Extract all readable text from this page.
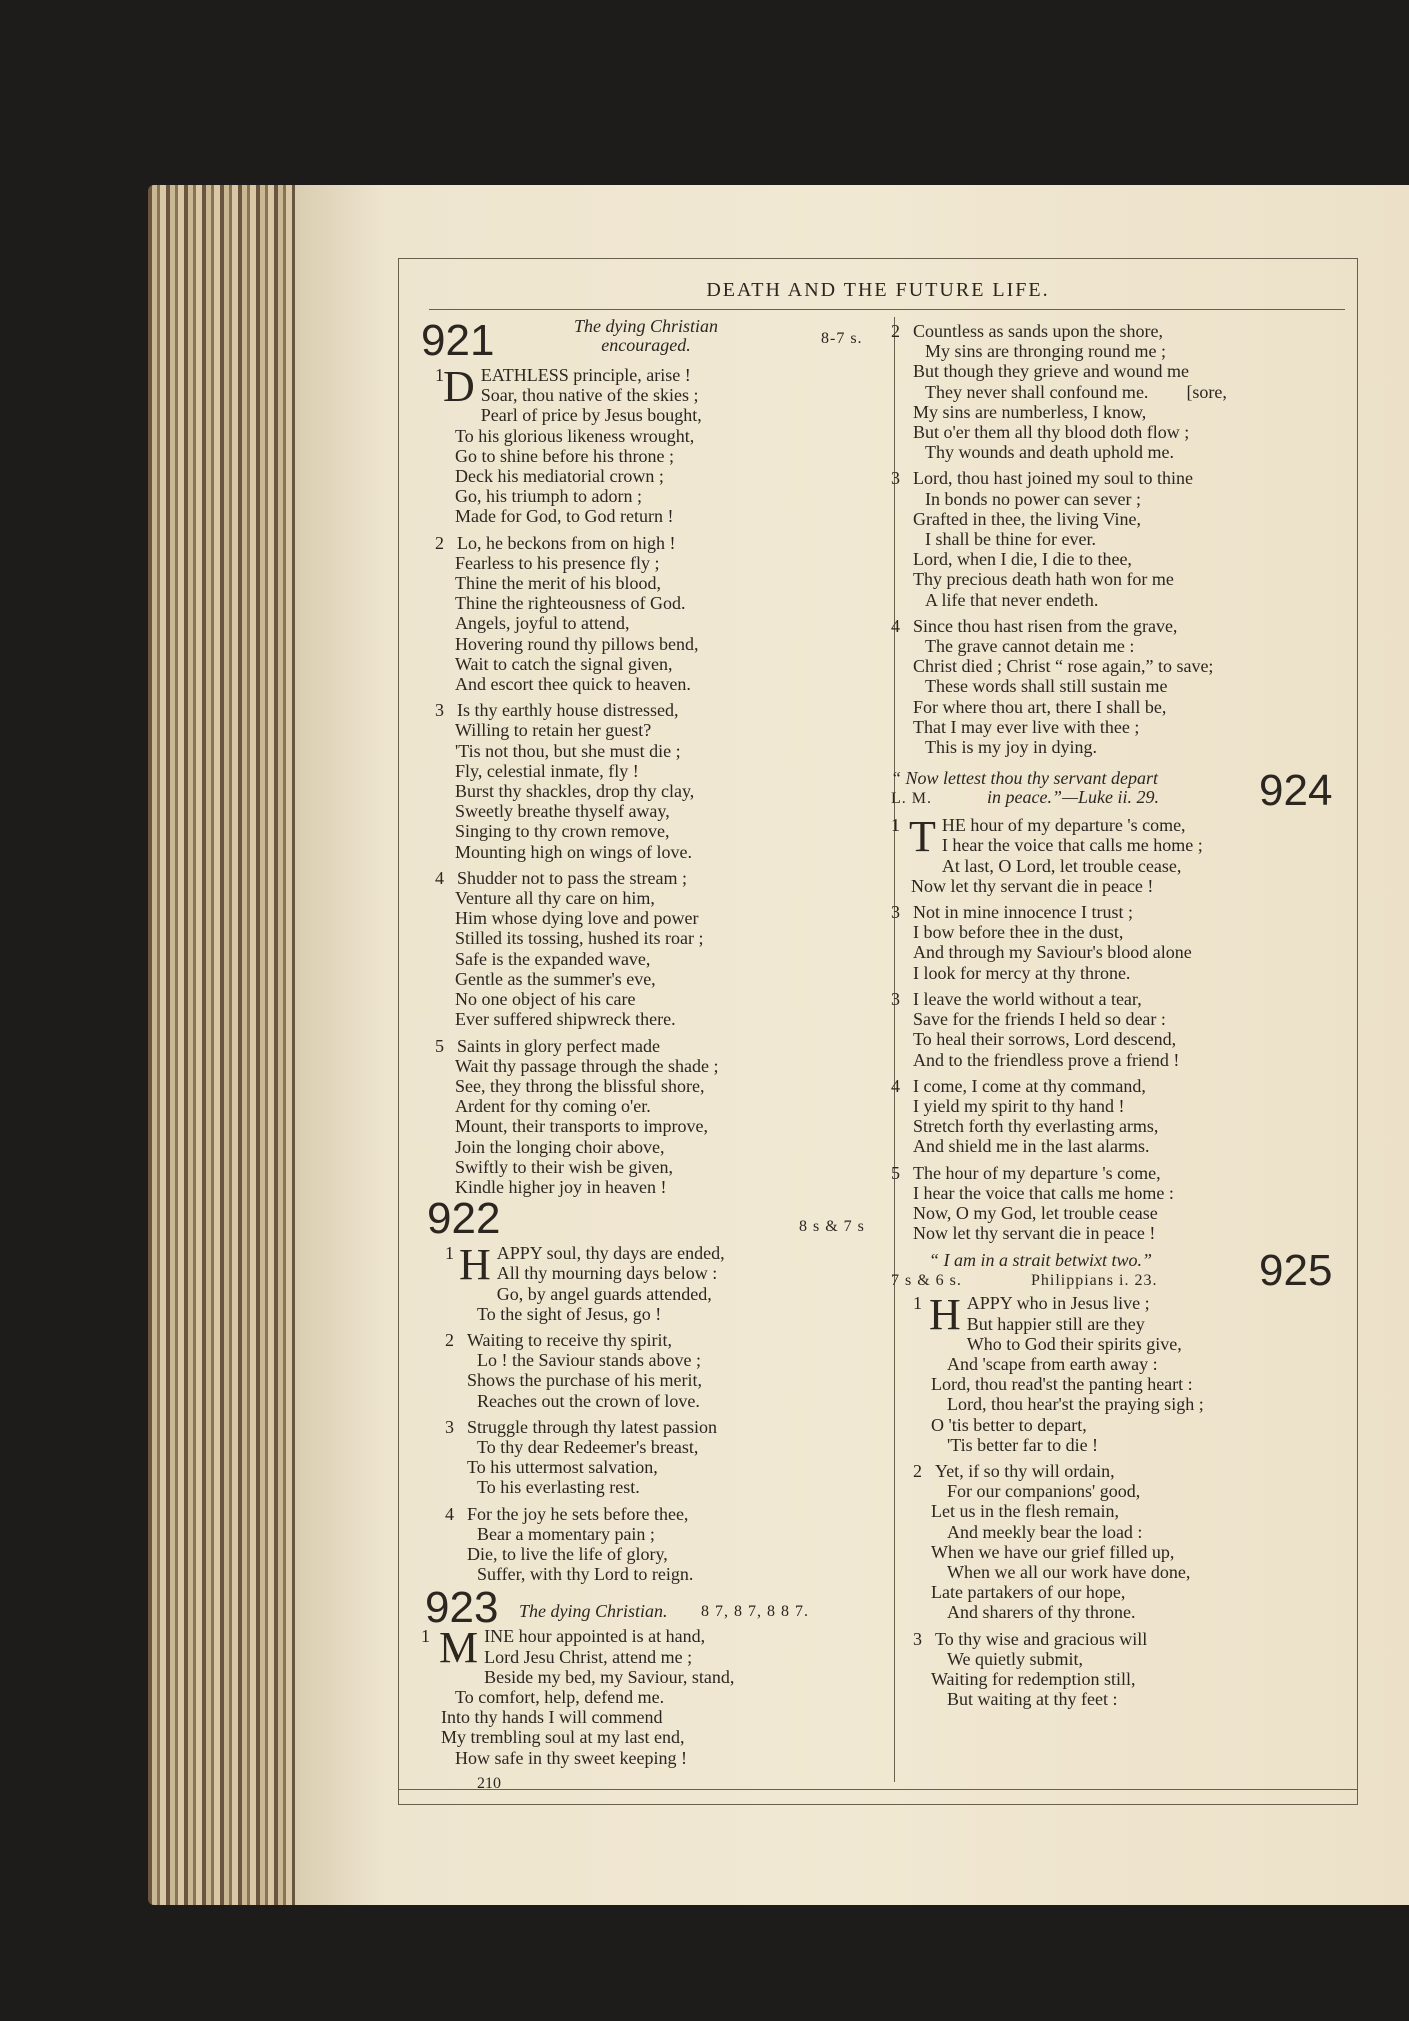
DEATH AND THE FUTURE LIFE.
921	The dying Christian
encouraged.	8-7 s.
1 D EATHLESS principle, arise !
Soar, thou native of the skies ;
Pearl of price by Jesus bought,
To his glorious likeness wrought,
Go to shine before his throne ;
Deck his mediatorial crown ;
Go, his triumph to adorn ;
Made for God, to God return !
2 Lo, he beckons from on high !
Fearless to his presence fly ;
Thine the merit of his blood,
Thine the righteousness of God.
Angels, joyful to attend,
Hovering round thy pillows bend,
Wait to catch the signal given,
And escort thee quick to heaven.
3 Is thy earthly house distressed,
Willing to retain her guest?
'Tis not thou, but she must die ;
Fly, celestial inmate, fly !
Burst thy shackles, drop thy clay,
Sweetly breathe thyself away,
Singing to thy crown remove,
Mounting high on wings of love.
4 Shudder not to pass the stream ;
Venture all thy care on him,
Him whose dying love and power
Stilled its tossing, hushed its roar ;
Safe is the expanded wave,
Gentle as the summer's eve,
No one object of his care
Ever suffered shipwreck there.
5 Saints in glory perfect made
Wait thy passage through the shade ;
See, they throng the blissful shore,
Ardent for thy coming o'er.
Mount, their transports to improve,
Join the longing choir above,
Swiftly to their wish be given,
Kindle higher joy in heaven !
922	8 s & 7 s
1 H APPY soul, thy days are ended,
All thy mourning days below :
Go, by angel guards attended,
To the sight of Jesus, go !
2 Waiting to receive thy spirit,
Lo ! the Saviour stands above ;
Shows the purchase of his merit,
Reaches out the crown of love.
3 Struggle through thy latest passion
To thy dear Redeemer's breast,
To his uttermost salvation,
To his everlasting rest.
4 For the joy he sets before thee,
Bear a momentary pain ;
Die, to live the life of glory,
Suffer, with thy Lord to reign.
923 The dying Christian. 8 7, 8 7, 8 8 7.
1 M INE hour appointed is at hand,
Lord Jesu Christ, attend me ;
Beside my bed, my Saviour, stand,
To comfort, help, defend me.
Into thy hands I will commend
My trembling soul at my last end,
How safe in thy sweet keeping !
210
2 Countless as sands upon the shore,
My sins are thronging round me ;
But though they grieve and wound me
They never shall confound me. [sore,
My sins are numberless, I know,
But o'er them all thy blood doth flow ;
Thy wounds and death uphold me.
3 Lord, thou hast joined my soul to thine
In bonds no power can sever ;
Grafted in thee, the living Vine,
I shall be thine for ever.
Lord, when I die, I die to thee,
Thy precious death hath won for me
A life that never endeth.
4 Since thou hast risen from the grave,
The grave cannot detain me :
Christ died ; Christ “ rose again,” to save;
These words shall still sustain me
For where thou art, there I shall be,
That I may ever live with thee ;
This is my joy in dying.
“ Now lettest thou thy servant depart
in peace.”—Luke ii. 29.
L. M.	924
1 T HE hour of my departure 's come,
I hear the voice that calls me home ;
At last, O Lord, let trouble cease,
Now let thy servant die in peace !
3 Not in mine innocence I trust ;
I bow before thee in the dust,
And through my Saviour's blood alone
I look for mercy at thy throne.
3 I leave the world without a tear,
Save for the friends I held so dear :
To heal their sorrows, Lord descend,
And to the friendless prove a friend !
4 I come, I come at thy command,
I yield my spirit to thy hand !
Stretch forth thy everlasting arms,
And shield me in the last alarms.
5 The hour of my departure 's come,
I hear the voice that calls me home :
Now, O my God, let trouble cease
Now let thy servant die in peace !
“ I am in a strait betwixt two.”
7 s & 6 s.	Philippians i. 23. 925
1 H APPY who in Jesus live ;
But happier still are they
Who to God their spirits give,
And 'scape from earth away :
Lord, thou read'st the panting heart :
Lord, thou hear'st the praying sigh ;
O 'tis better to depart,
'Tis better far to die !
2 Yet, if so thy will ordain,
For our companions' good,
Let us in the flesh remain,
And meekly bear the load :
When we have our grief filled up,
When we all our work have done,
Late partakers of our hope,
And sharers of thy throne.
3 To thy wise and gracious will
We quietly submit,
Waiting for redemption still,
But waiting at thy feet :
